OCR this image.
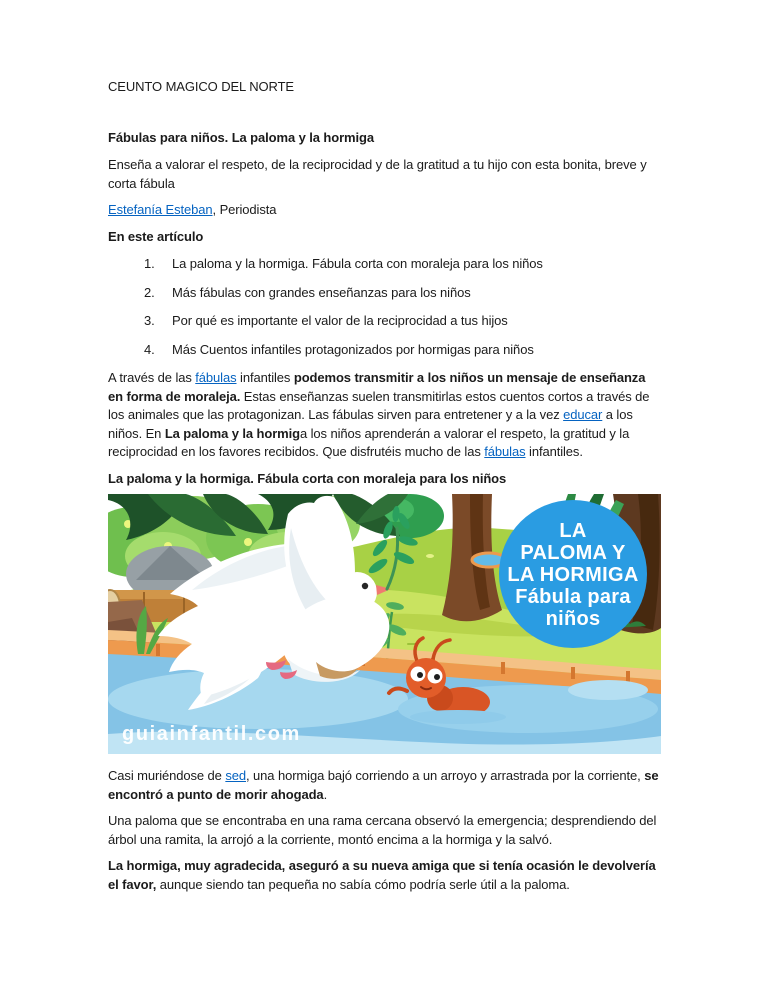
CEUNTO MAGICO DEL NORTE

Fábulas para niños. La paloma y la hormiga

Enseña a valorar el respeto, de la reciprocidad y de la gratitud a tu hijo con esta bonita, breve y corta fábula

Estefanía Esteban, Periodista

En este artículo

La paloma y la hormiga. Fábula corta con moraleja para los niños
Más fábulas con grandes enseñanzas para los niños
Por qué es importante el valor de la reciprocidad a tus hijos
Más Cuentos infantiles protagonizados por hormigas para niños

A través de las fábulas infantiles podemos transmitir a los niños un mensaje de enseñanza en forma de moraleja. Estas enseñanzas suelen transmitirlas estos cuentos cortos a través de los animales que las protagonizan. Las fábulas sirven para entretener y a la vez educar a los niños. En La paloma y la hormiga los niños aprenderán a valorar el respeto, la gratitud y la reciprocidad en los favores recibidos. Que disfrutéis mucho de las fábulas infantiles.

La paloma y la hormiga. Fábula corta con moraleja para los niños

LA
PALOMA Y
LA HORMIGA
Fábula para
niños
guiainfantil.com

Casi muriéndose de sed, una hormiga bajó corriendo a un arroyo y arrastrada por la corriente, se encontró a punto de morir ahogada.

Una paloma que se encontraba en una rama cercana observó la emergencia; desprendiendo del árbol una ramita, la arrojó a la corriente, montó encima a la hormiga y la salvó.

La hormiga, muy agradecida, aseguró a su nueva amiga que si tenía ocasión le devolvería el favor, aunque siendo tan pequeña no sabía cómo podría serle útil a la paloma.
